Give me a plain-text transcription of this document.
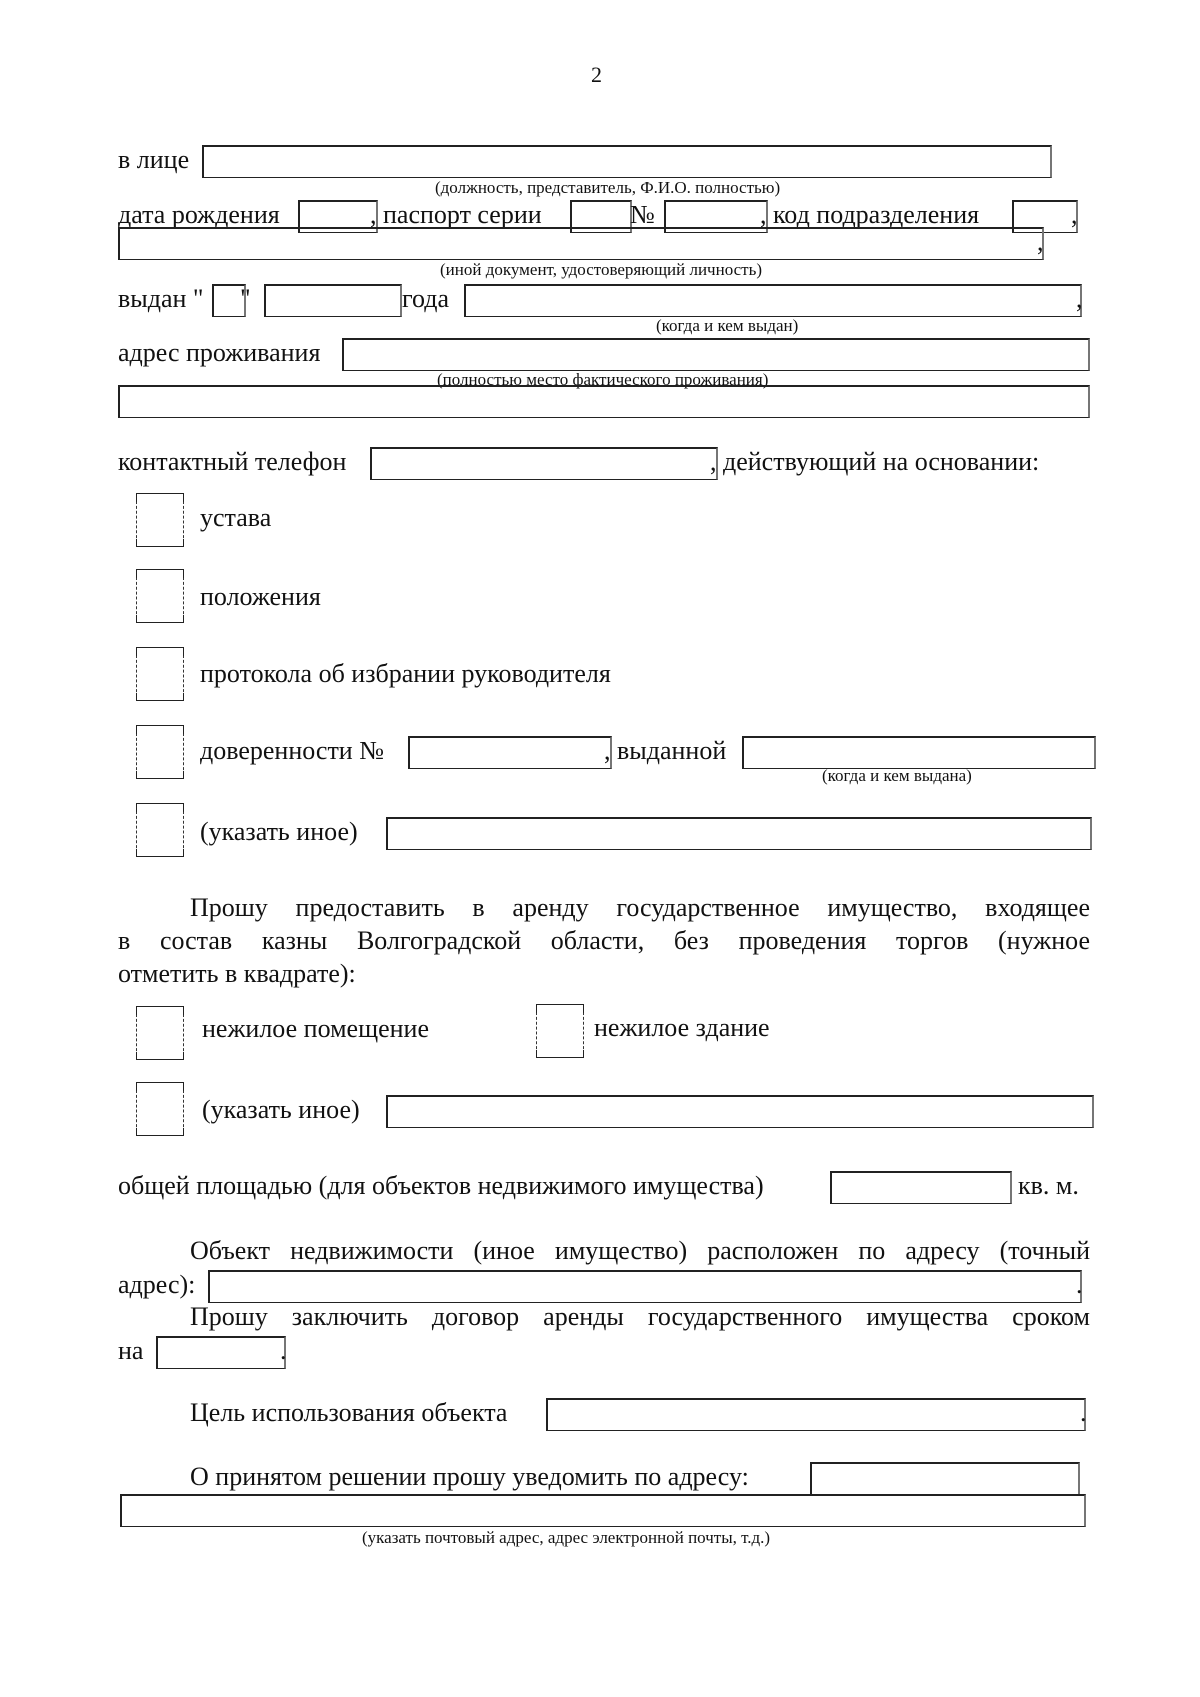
2
в лице
(должность, представитель, Ф.И.О. полностью)
дата рождения	, паспорт серии	№	, код подразделения	,
,
(иной документ, удостоверяющий личность)
выдан " "	года	,
(когда и кем выдан)
адрес проживания
(полностью место фактического проживания)
контактный телефон	, действующий на основании:
устава
положения
протокола об избрании руководителя
доверенности №	, выданной
(когда и кем выдана)
(указать иное)
Прошу предоставить в аренду государственное имущество, входящее
в состав казны Волгоградской области, без проведения торгов (нужное
отметить в квадрате):
нежилое помещение	нежилое здание
(указать иное)
общей площадью (для объектов недвижимого имущества)	кв. м.
Объект недвижимости (иное имущество) расположен по адресу (точный
адрес):	.
Прошу заключить договор аренды государственного имущества сроком
на	.
Цель использования объекта	.
О принятом решении прошу уведомить по адресу:
(указать почтовый адрес, адрес электронной почты, т.д.)
